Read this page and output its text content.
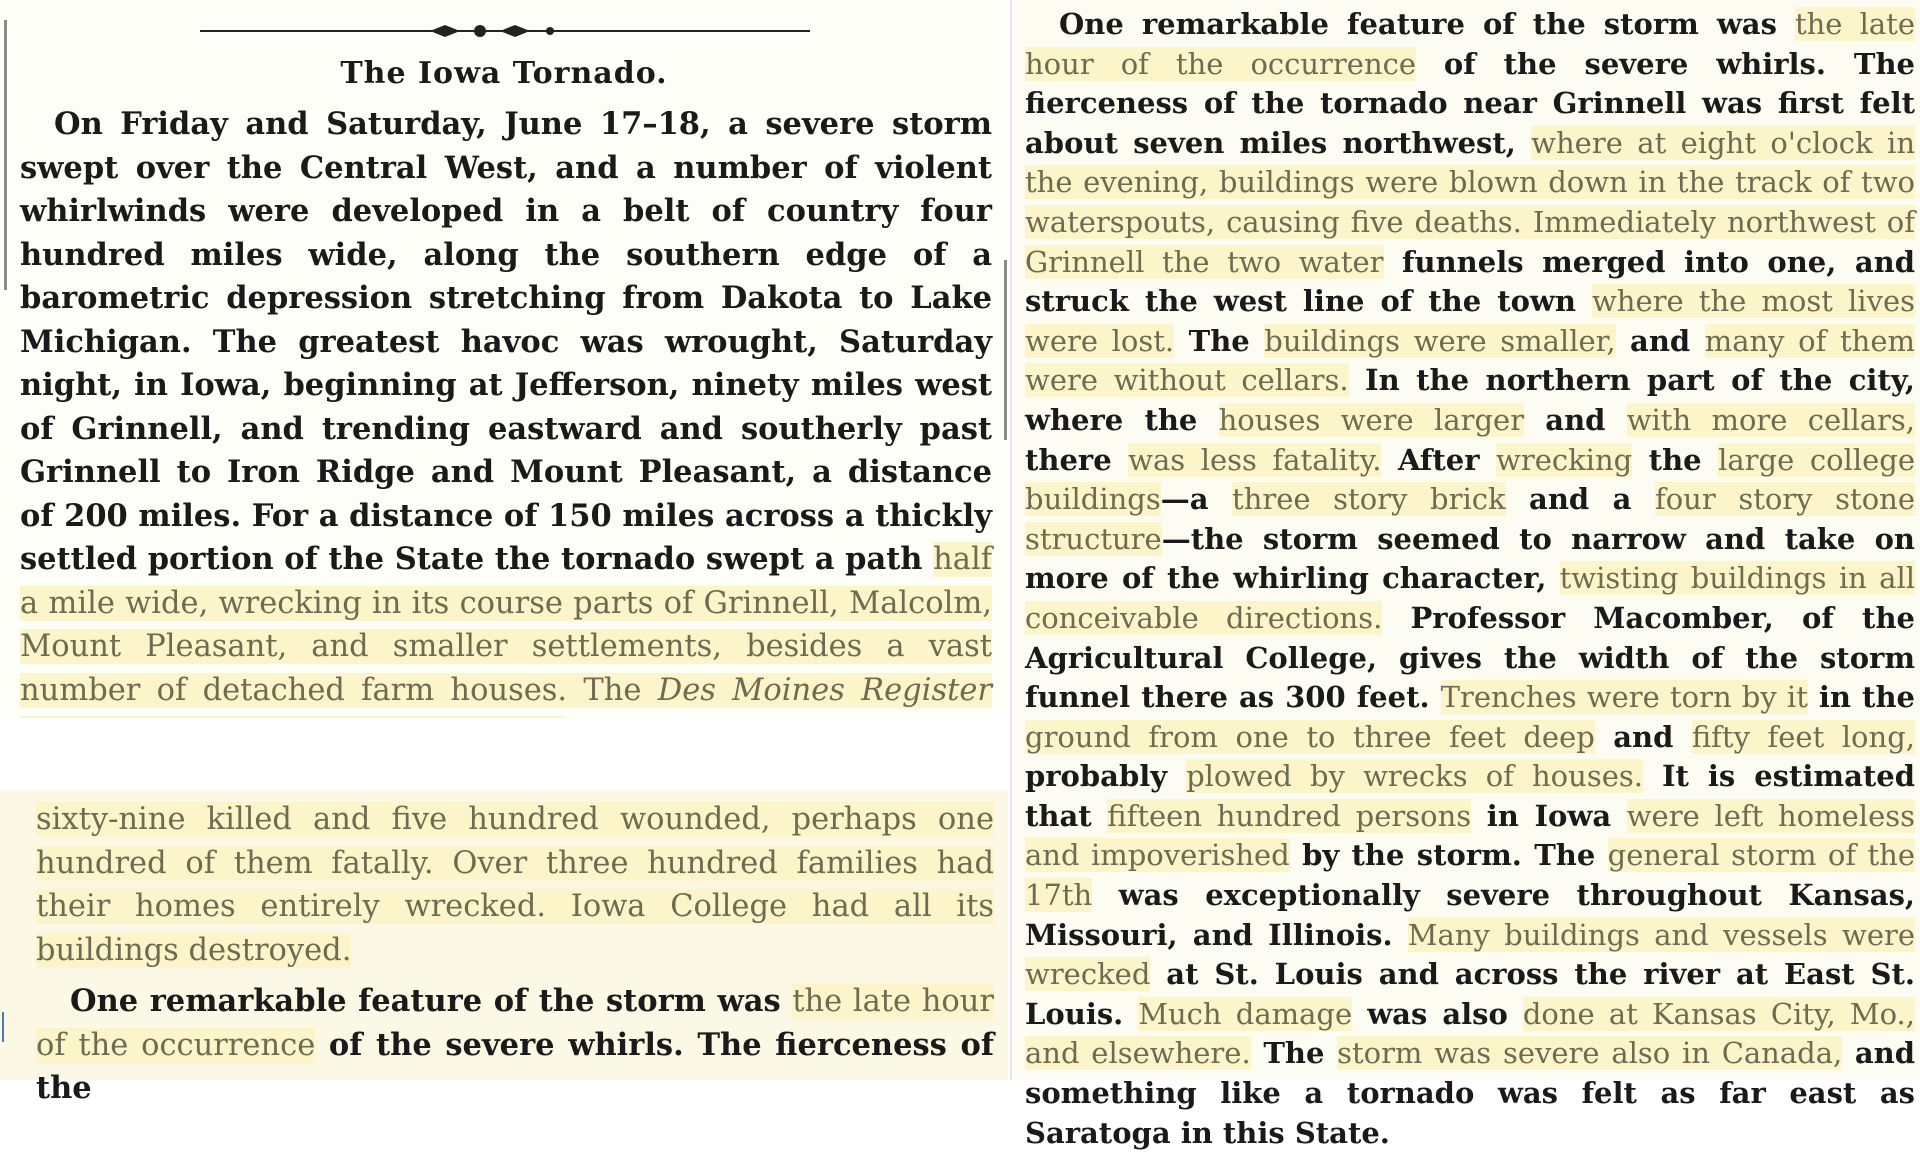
The Iowa Tornado.

On Friday and Saturday, June 17–18, a severe storm swept over the Central West, and a number of violent whirlwinds were developed in a belt of country four hundred miles wide, along the southern edge of a barometric depression stretching from Dakota to Lake Michigan. The greatest havoc was wrought, Saturday night, in Iowa, beginning at Jefferson, ninety miles west of Grinnell, and trending eastward and southerly past Grinnell to Iron Ridge and Mount Pleasant, a distance of 200 miles. For a distance of 150 miles across a thickly settled portion of the State the tornado swept a path half a mile wide, wrecking in its course parts of Grinnell, Malcolm, Mount Pleasant, and smaller settlements, besides a vast number of detached farm houses. The Des Moines Register

sixty-nine killed and five hundred wounded, perhaps one hundred of them fatally. Over three hundred families had their homes entirely wrecked. Iowa College had all its buildings destroyed.

One remarkable feature of the storm was the late hour of the occurrence of the severe whirls. The fierceness of the

One remarkable feature of the storm was the late hour of the occurrence of the severe whirls. The fierceness of the tornado near Grinnell was first felt about seven miles northwest, where at eight o'clock in the evening, buildings were blown down in the track of two waterspouts, causing five deaths. Immediately northwest of Grinnell the two water funnels merged into one, and struck the west line of the town where the most lives were lost. The buildings were smaller, and many of them were without cellars. In the northern part of the city, where the houses were larger and with more cellars, there was less fatality. After wrecking the large college buildings—a three story brick and a four story stone structure—the storm seemed to narrow and take on more of the whirling character, twisting buildings in all conceivable directions. Professor Macomber, of the Agricultural College, gives the width of the storm funnel there as 300 feet. Trenches were torn by it in the ground from one to three feet deep and fifty feet long, probably plowed by wrecks of houses. It is estimated that fifteen hundred persons in Iowa were left homeless and impoverished by the storm. The general storm of the 17th was exceptionally severe throughout Kansas, Missouri, and Illinois. Many buildings and vessels were wrecked at St. Louis and across the river at East St. Louis. Much damage was also done at Kansas City, Mo., and elsewhere. The storm was severe also in Canada, and something like a tornado was felt as far east as Saratoga in this State.
